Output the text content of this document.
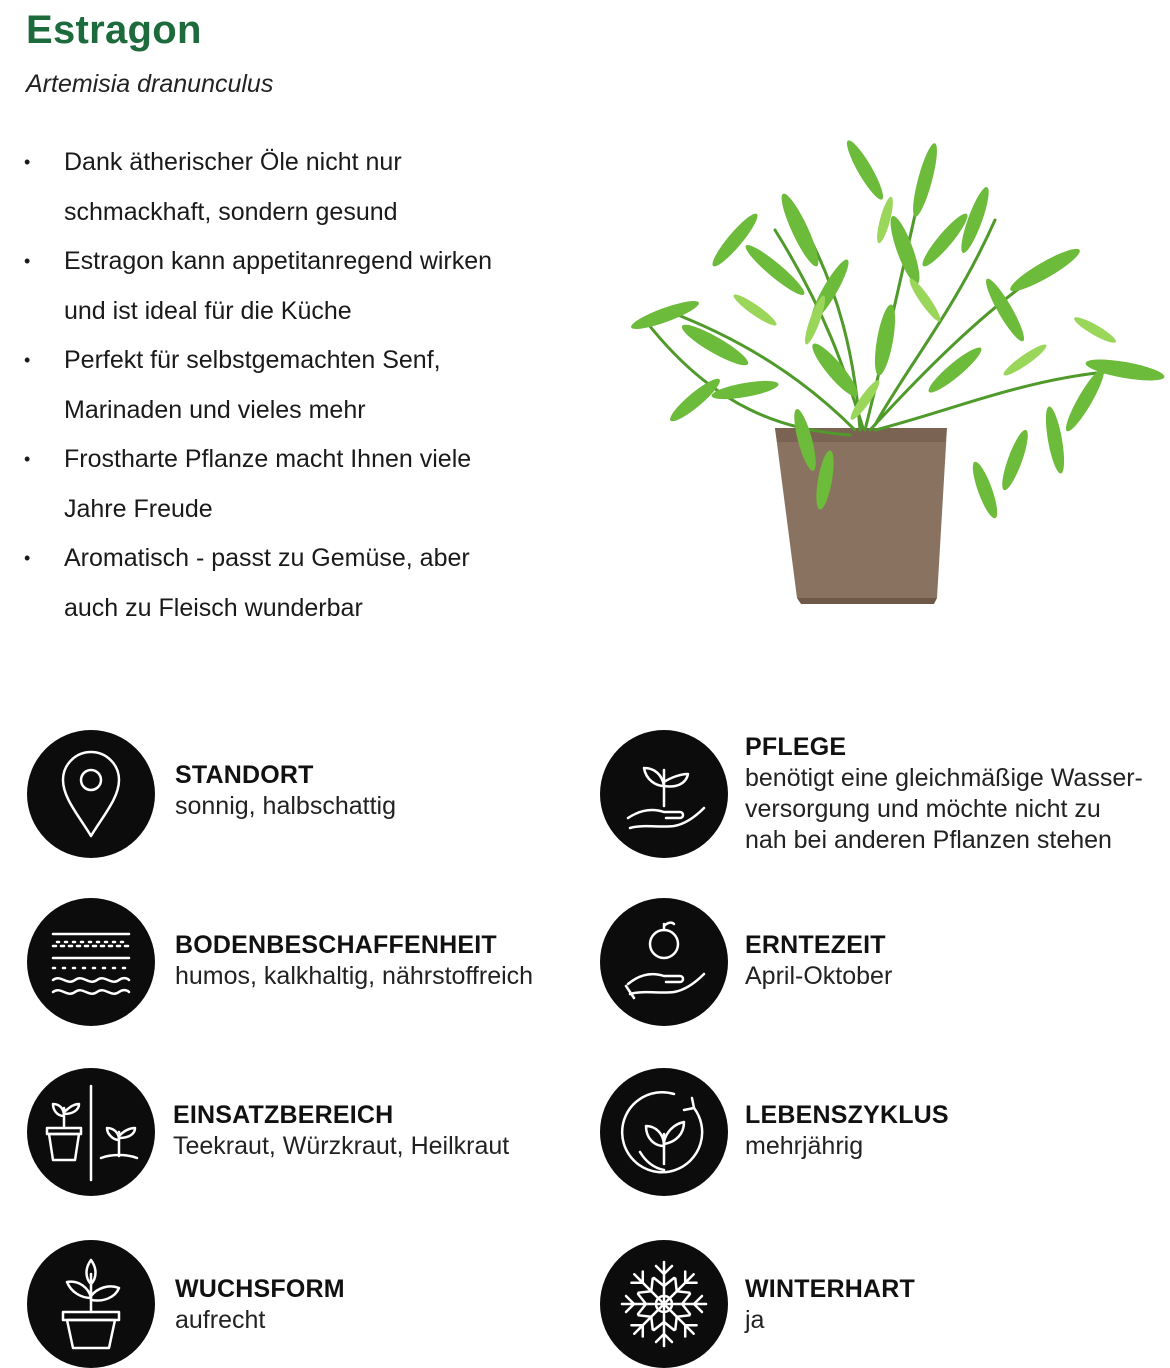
Estragon
Artemisia dranunculus
• Dank ätherischer Öle nicht nur
schmackhaft, sondern gesund
• Estragon kann appetitanregend wirken
und ist ideal für die Küche
• Perfekt für selbstgemachten Senf,
Marinaden und vieles mehr
• Frostharte Pflanze macht Ihnen viele
Jahre Freude
• Aromatisch - passt zu Gemüse, aber
auch zu Fleisch wunderbar
STANDORT
sonnig, halbschattig
PFLEGE
benötigt eine gleichmäßige Wasser-
versorgung und möchte nicht zu
nah bei anderen Pflanzen stehen
BODENBESCHAFFENHEIT
humos, kalkhaltig, nährstoffreich
ERNTEZEIT
April-Oktober
EINSATZBEREICH
Teekraut, Würzkraut, Heilkraut
LEBENSZYKLUS
mehrjährig
WUCHSFORM
aufrecht
WINTERHART
ja
